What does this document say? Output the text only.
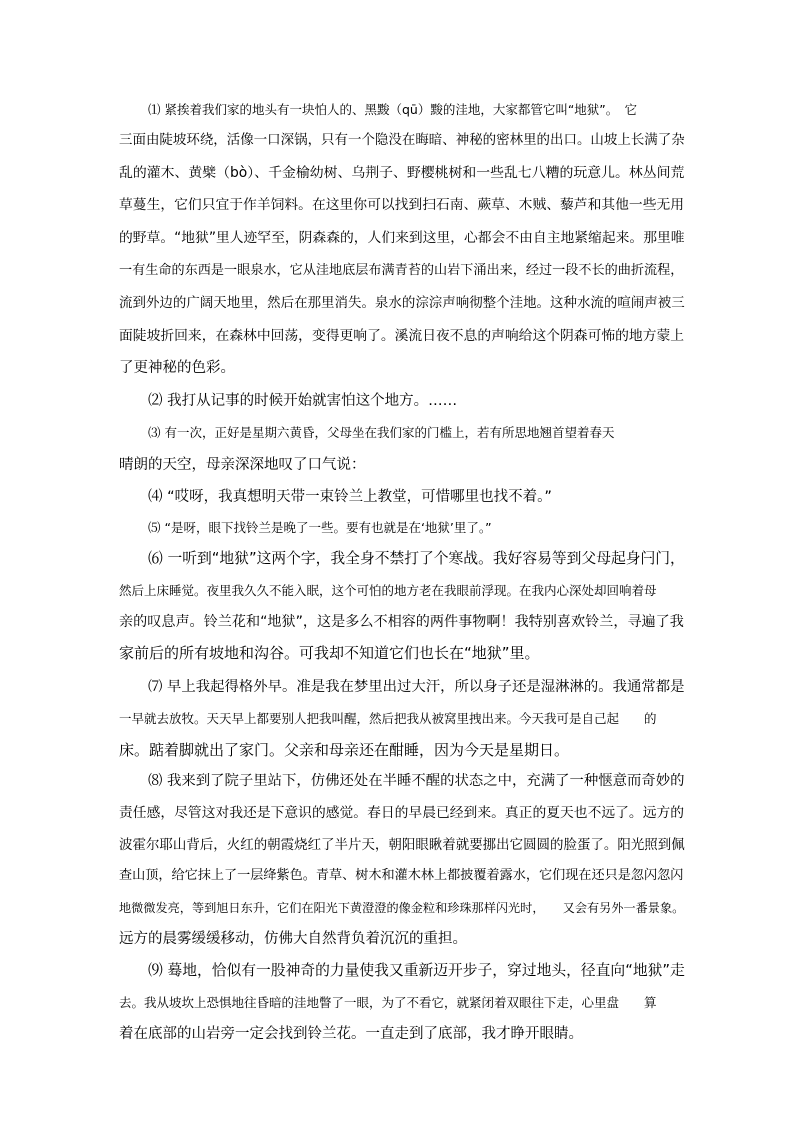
⑴ 紧挨着我们家的地头有一块怕人的、黑黢（qū）黢的洼地，大家都管它叫“地狱”。　它
三面由陡坡环绕，活像一口深锅，只有一个隐没在晦暗、神秘的密林里的出口。山坡上长满了杂
乱的灌木、黄檗（bò）、千金榆幼树、乌荆子、野樱桃树和一些乱七八糟的玩意儿。林丛间荒
草蔓生，它们只宜于作羊饲料。在这里你可以找到扫石南、蕨草、木贼、藜芦和其他一些无用
的野草。“地狱”里人迹罕至，阴森森的，人们来到这里，心都会不由自主地紧缩起来。那里唯
一有生命的东西是一眼泉水，它从洼地底层布满青苔的山岩下涌出来，经过一段不长的曲折流程，
流到外边的广阔天地里，然后在那里消失。泉水的淙淙声响彻整个洼地。这种水流的喧闹声被三
面陡坡折回来，在森林中回荡，变得更响了。溪流日夜不息的声响给这个阴森可怖的地方蒙上
了更神秘的色彩。
⑵ 我打从记事的时候开始就害怕这个地方。……
⑶ 有一次，正好是星期六黄昏，父母坐在我们家的门槛上，若有所思地翘首望着春天
晴朗的天空，母亲深深地叹了口气说：
⑷ “哎呀，我真想明天带一束铃兰上教堂，可惜哪里也找不着。”
⑸ “是呀，眼下找铃兰是晚了一些。要有也就是在‘地狱’里了。”
⑹ 一听到“地狱”这两个字，我全身不禁打了个寒战。我好容易等到父母起身闩门，
然后上床睡觉。夜里我久久不能入眠，这个可怕的地方老在我眼前浮现。在我内心深处却回响着母
亲的叹息声。铃兰花和“地狱”，这是多么不相容的两件事物啊！我特别喜欢铃兰，寻遍了我
家前后的所有坡地和沟谷。可我却不知道它们也长在“地狱”里。
⑺ 早上我起得格外早。准是我在梦里出过大汗，所以身子还是湿淋淋的。我通常都是
一早就去放牧。天天早上都要别人把我叫醒，然后把我从被窝里拽出来。今天我可是自己起　　的
床。踮着脚就出了家门。父亲和母亲还在酣睡，因为今天是星期日。
⑻ 我来到了院子里站下，仿佛还处在半睡不醒的状态之中，充满了一种惬意而奇妙的
责任感，尽管这对我还是下意识的感觉。春日的早晨已经到来。真正的夏天也不远了。远方的
波霍尔耶山背后，火红的朝霞烧红了半片天，朝阳眼瞅着就要挪出它圆圆的脸蛋了。阳光照到佩
查山顶，给它抹上了一层绛紫色。青草、树木和灌木林上都披覆着露水，它们现在还只是忽闪忽闪
地微微发亮，等到旭日东升，它们在阳光下黄澄澄的像金粒和珍珠那样闪光时，　　又会有另外一番景象。
远方的晨雾缓缓移动，仿佛大自然背负着沉沉的重担。
⑼ 蓦地，恰似有一股神奇的力量使我又重新迈开步子，穿过地头，径直向“地狱”走
去。我从坡坎上恐惧地往昏暗的洼地瞥了一眼，为了不看它，就紧闭着双眼往下走，心里盘　　算
着在底部的山岩旁一定会找到铃兰花。一直走到了底部，我才睁开眼睛。
